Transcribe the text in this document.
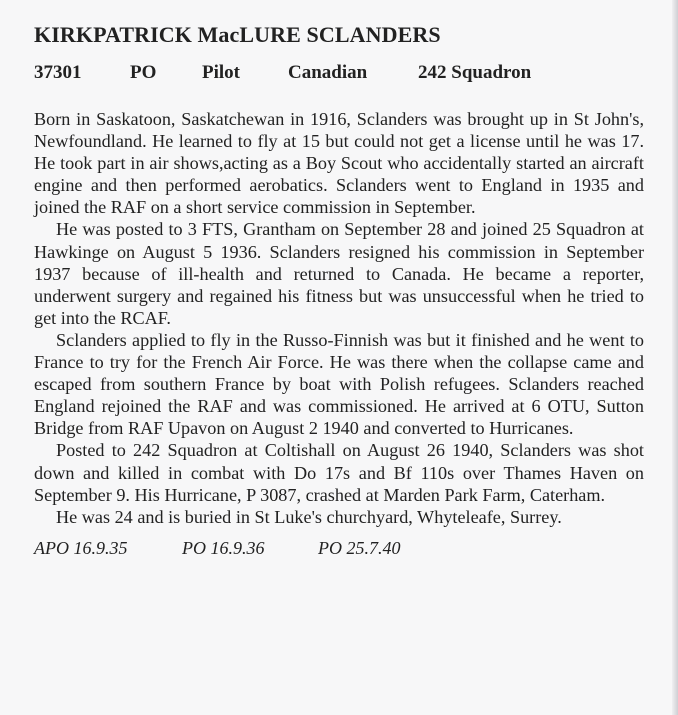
KIRKPATRICK MacLURE SCLANDERS
37301	PO	Pilot	Canadian	242 Squadron

Born in Saskatoon, Saskatchewan in 1916, Sclanders was brought up in St John's, Newfoundland. He learned to fly at 15 but could not get a license until he was 17. He took part in air shows,acting as a Boy Scout who accidentally started an aircraft engine and then performed aerobatics. Sclanders went to England in 1935 and joined the RAF on a short service commission in September.

He was posted to 3 FTS, Grantham on September 28 and joined 25 Squadron at Hawkinge on August 5 1936. Sclanders resigned his commission in September 1937 because of ill-health and returned to Canada. He became a reporter, underwent surgery and regained his fitness but was unsuccessful when he tried to get into the RCAF.

Sclanders applied to fly in the Russo-Finnish was but it finished and he went to France to try for the French Air Force. He was there when the collapse came and escaped from southern France by boat with Polish refugees. Sclanders reached England rejoined the RAF and was commissioned. He arrived at 6 OTU, Sutton Bridge from RAF Upavon on August 2 1940 and converted to Hurricanes.

Posted to 242 Squadron at Coltishall on August 26 1940, Sclanders was shot down and killed in combat with Do 17s and Bf 110s over Thames Haven on September 9. His Hurricane, P 3087, crashed at Marden Park Farm, Caterham.

He was 24 and is buried in St Luke's churchyard, Whyteleafe, Surrey.

APO 16.9.35	PO 16.9.36	PO 25.7.40
